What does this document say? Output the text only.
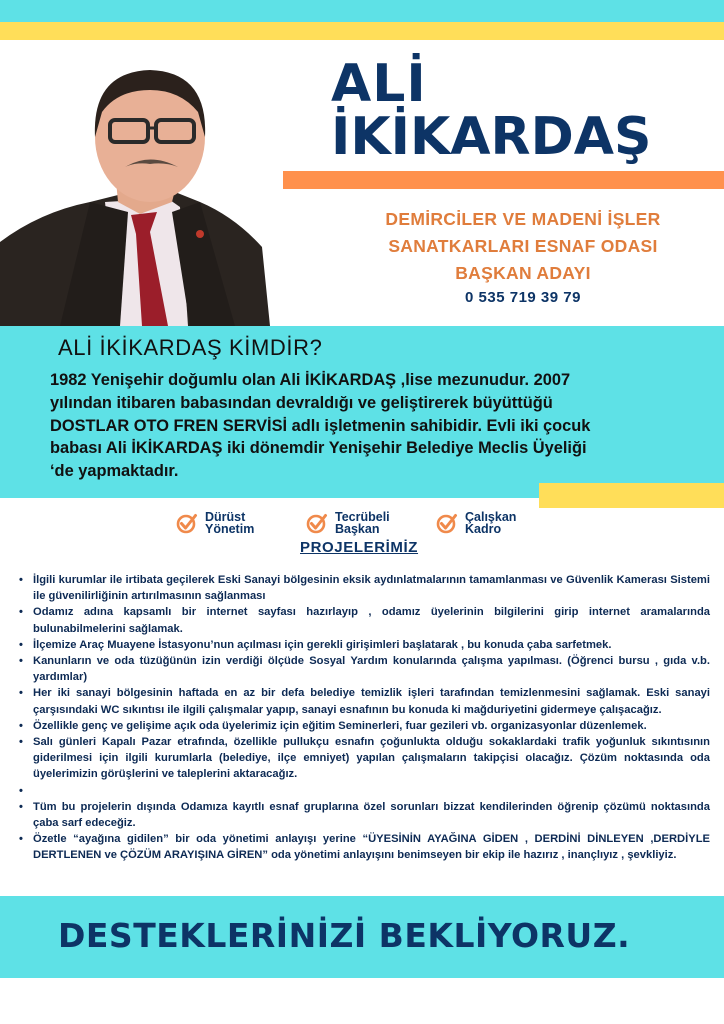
ALİ
İKİKARDAŞ
DEMİRCİLER VE MADENİ İŞLER
SANATKARLARI ESNAF ODASI
BAŞKAN ADAYI
0 535 719 39 79
ALİ İKİKARDAŞ KİMDİR?
1982 Yenişehir doğumlu olan Ali İKİKARDAŞ ,lise mezunudur. 2007
yılından itibaren babasından devraldığı ve geliştirerek büyüttüğü
DOSTLAR OTO FREN SERVİSİ adlı işletmenin sahibidir. Evli iki çocuk
babası Ali İKİKARDAŞ iki dönemdir Yenişehir Belediye Meclis Üyeliği
‘de yapmaktadır.
Dürüst
Yönetim
Tecrübeli
Başkan
Çalışkan
Kadro
PROJELERİMİZ
• İlgili kurumlar ile irtibata geçilerek Eski Sanayi bölgesinin eksik aydınlatmalarının tamamlanması ve Güvenlik Kamerası Sistemi ile güvenilirliğinin artırılmasının sağlanması
• Odamız adına kapsamlı bir internet sayfası hazırlayıp , odamız üyelerinin bilgilerini girip internet aramalarında bulunabilmelerini sağlamak.
• İlçemize Araç Muayene İstasyonu’nun açılması için gerekli girişimleri başlatarak , bu konuda çaba sarfetmek.
• Kanunların ve oda tüzüğünün izin verdiği ölçüde Sosyal Yardım konularında çalışma yapılması. (Öğrenci bursu , gıda v.b. yardımlar)
• Her iki sanayi bölgesinin haftada en az bir defa belediye temizlik işleri tarafından temizlenmesini sağlamak. Eski sanayi çarşısındaki WC sıkıntısı ile ilgili çalışmalar yapıp, sanayi esnafının bu konuda ki mağduriyetini gidermeye çalışacağız.
• Özellikle genç ve gelişime açık oda üyelerimiz için eğitim Seminerleri, fuar gezileri vb. organizasyonlar düzenlemek.
• Salı günleri Kapalı Pazar etrafında, özellikle pullukçu esnafın çoğunlukta olduğu sokaklardaki trafik yoğunluk sıkıntısının giderilmesi için ilgili kurumlarla (belediye, ilçe emniyet) yapılan çalışmaların takipçisi olacağız. Çözüm noktasında oda üyelerimizin görüşlerini ve taleplerini aktaracağız.
•
• Tüm bu projelerin dışında Odamıza kayıtlı esnaf gruplarına özel sorunları bizzat kendilerinden öğrenip çözümü noktasında çaba sarf edeceğiz.
• Özetle “ayağına gidilen” bir oda yönetimi anlayışı yerine “ÜYESİNİN AYAĞINA GİDEN , DERDİNİ DİNLEYEN ,DERDİYLE DERTLENEN ve ÇÖZÜM ARAYIŞINA GİREN” oda yönetimi anlayışını benimseyen bir ekip ile hazırız , inançlıyız , şevkliyiz.
DESTEKLERİNİZİ BEKLİYORUZ.
